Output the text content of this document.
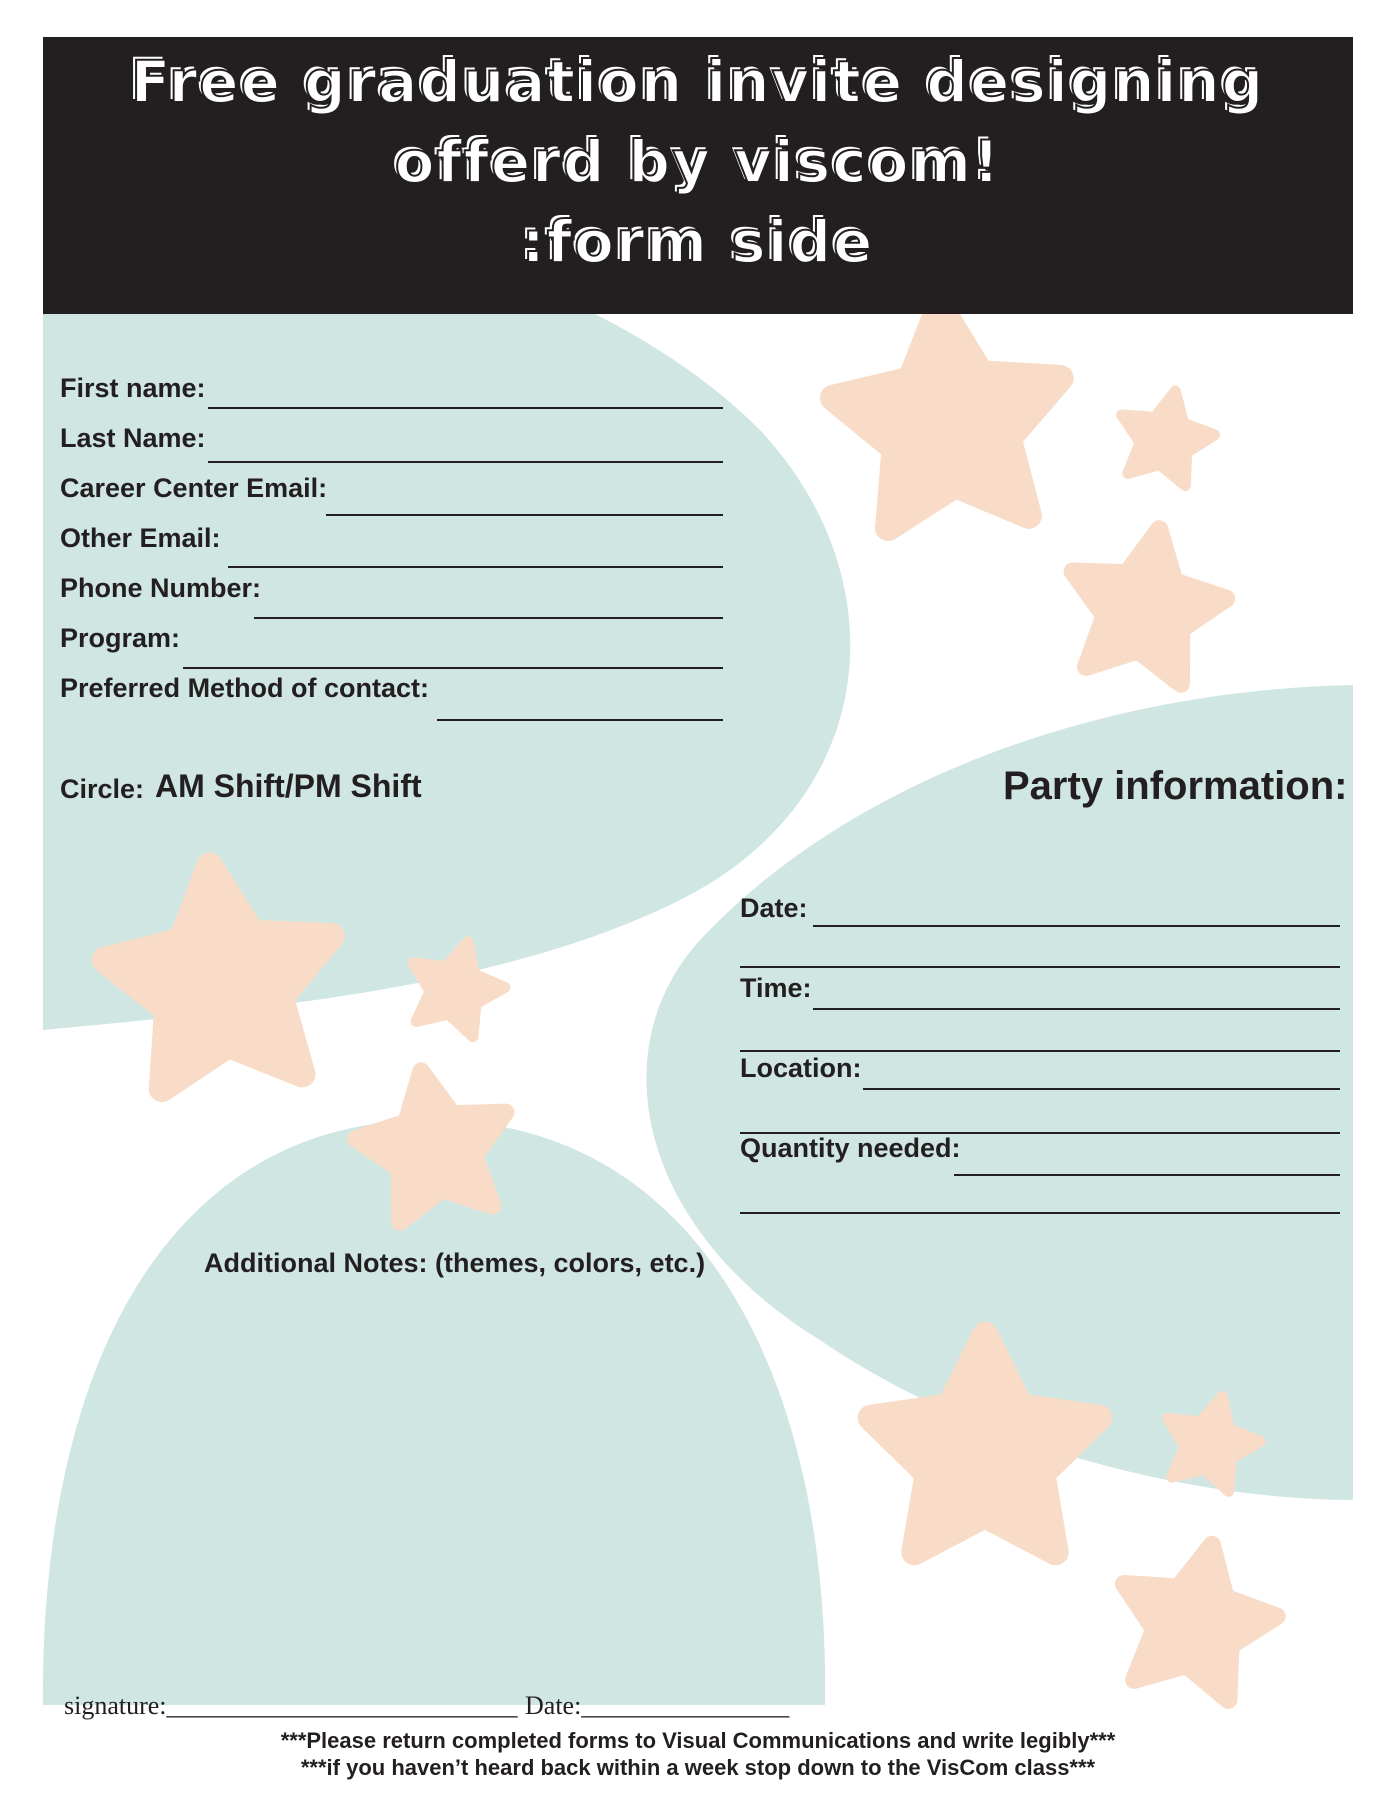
Free graduation invite designing
offerd by viscom!
:form side
Student Information:
First name:
Last Name:
Career Center Email:
Other Email:
Phone Number:
Program:
Preferred Method of contact:
Circle: AM Shift/PM Shift	Party information:
Date:
Time:
Location:
Quantity needed:
Additional Notes: (themes, colors, etc.)
signature:___________________________ Date:________________
***Please return completed forms to Visual Communications and write legibly***
***if you haven’t heard back within a week stop down to the VisCom class***
